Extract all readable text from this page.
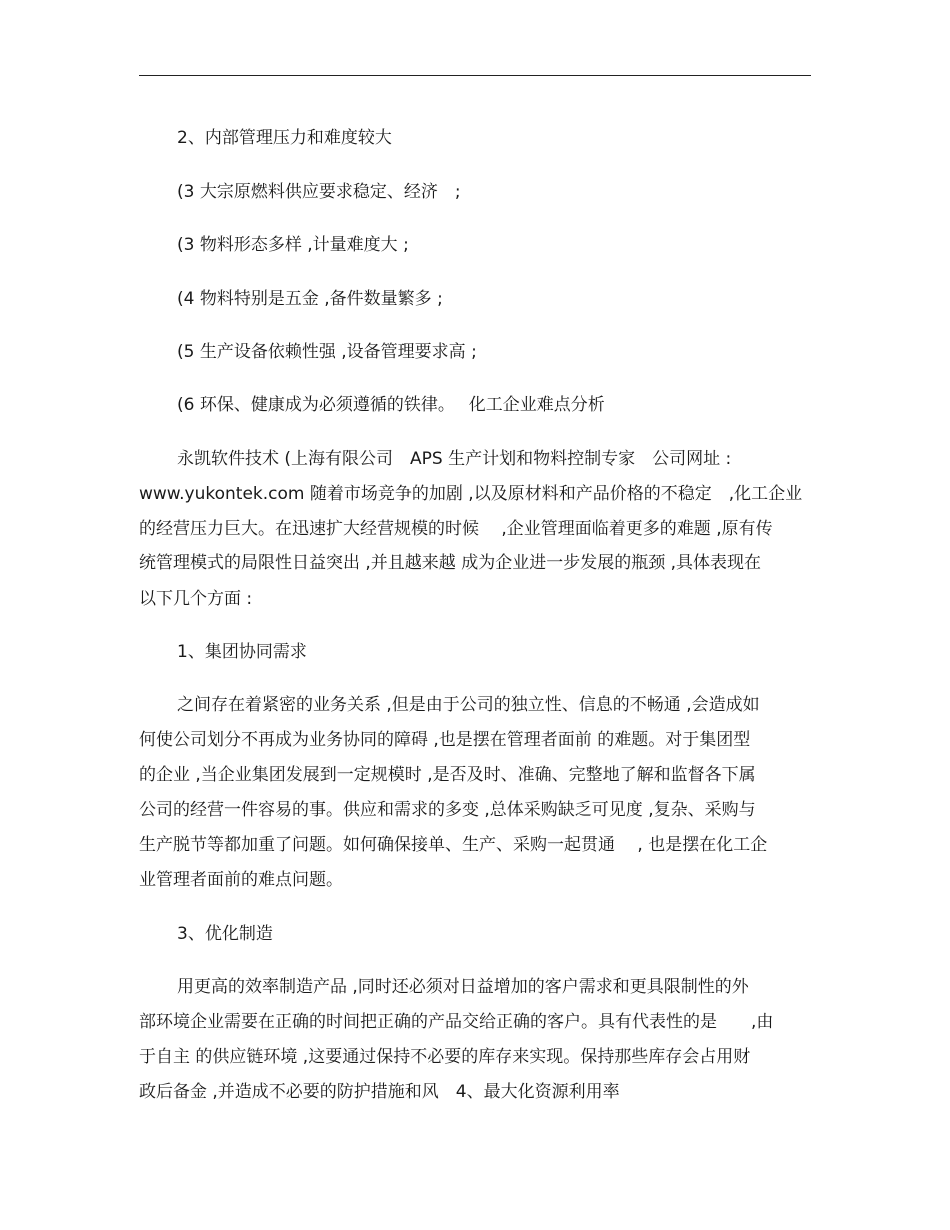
2、内部管理压力和难度较大

(3 大宗原燃料供应要求稳定、经济　;

(3 物料形态多样 ,计量难度大 ;

(4 物料特别是五金 ,备件数量繁多 ;

(5 生产设备依赖性强 ,设备管理要求高 ;

(6 环保、健康成为必须遵循的铁律。　 化工企业难点分析

永凯软件技术 (上海有限公司　APS 生产计划和物料控制专家　公司网址 :

www.yukontek.com 随着市场竞争的加剧 ,以及原材料和产品价格的不稳定　,化工企业

的经营压力巨大。在迅速扩大经营规模的时候　 ,企业管理面临着更多的难题 ,原有传

统管理模式的局限性日益突出 ,并且越来越 成为企业进一步发展的瓶颈 ,具体表现在

以下几个方面 :

1、集团协同需求

之间存在着紧密的业务关系 ,但是由于公司的独立性、信息的不畅通 ,会造成如

何使公司划分不再成为业务协同的障碍 ,也是摆在管理者面前 的难题。对于集团型

的企业 ,当企业集团发展到一定规模时 ,是否及时、准确、完整地了解和监督各下属

公司的经营一件容易的事。供应和需求的多变 ,总体采购缺乏可见度 ,复杂、采购与

生产脱节等都加重了问题。如何确保接单、生产、采购一起贯通　 , 也是摆在化工企

业管理者面前的难点问题。

3、优化制造

用更高的效率制造产品 ,同时还必须对日益增加的客户需求和更具限制性的外

部环境企业需要在正确的时间把正确的产品交给正确的客户。具有代表性的是　　,由

于自主 的供应链环境 ,这要通过保持不必要的库存来实现。保持那些库存会占用财

政后备金 ,并造成不必要的防护措施和风　4、最大化资源利用率
